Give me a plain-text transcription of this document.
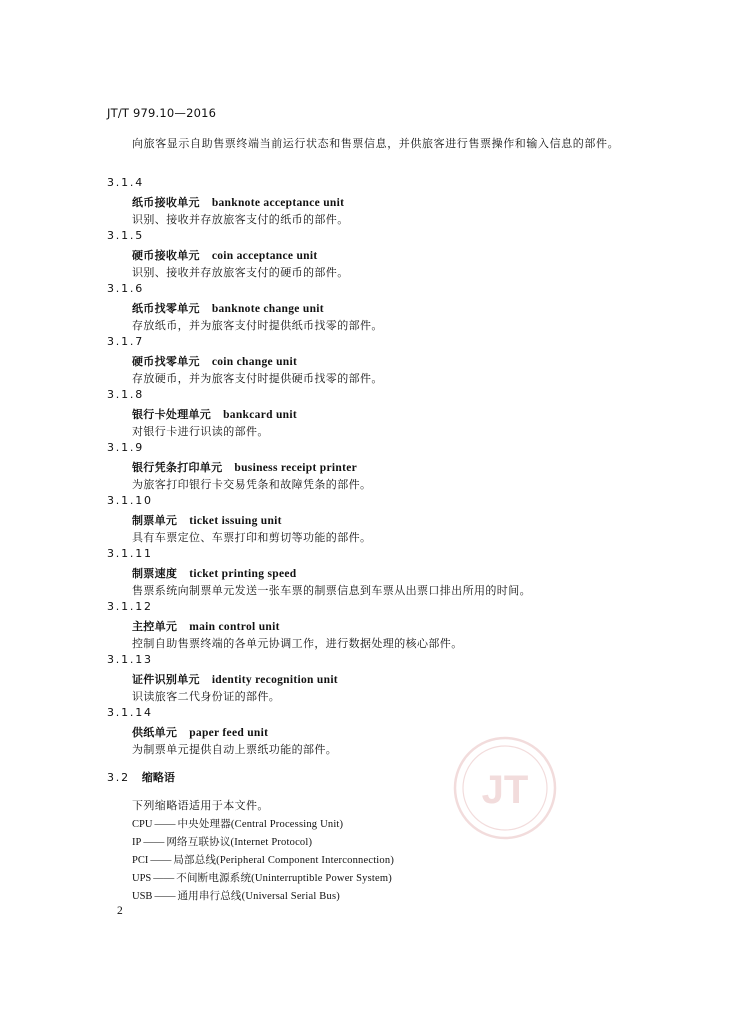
JT/T 979.10—2016

向旅客显示自助售票终端当前运行状态和售票信息，并供旅客进行售票操作和输入信息的部件。

3.1.4
纸币接收单元 banknote acceptance unit
识别、接收并存放旅客支付的纸币的部件。
3.1.5
硬币接收单元 coin acceptance unit
识别、接收并存放旅客支付的硬币的部件。
3.1.6
纸币找零单元 banknote change unit
存放纸币，并为旅客支付时提供纸币找零的部件。
3.1.7
硬币找零单元 coin change unit
存放硬币，并为旅客支付时提供硬币找零的部件。
3.1.8
银行卡处理单元 bankcard unit
对银行卡进行识读的部件。
3.1.9
银行凭条打印单元 business receipt printer
为旅客打印银行卡交易凭条和故障凭条的部件。
3.1.10
制票单元 ticket issuing unit
具有车票定位、车票打印和剪切等功能的部件。
3.1.11
制票速度 ticket printing speed
售票系统向制票单元发送一张车票的制票信息到车票从出票口排出所用的时间。
3.1.12
主控单元 main control unit
控制自助售票终端的各单元协调工作，进行数据处理的核心部件。
3.1.13
证件识别单元 identity recognition unit
识读旅客二代身份证的部件。
3.1.14
供纸单元 paper feed unit
为制票单元提供自动上票纸功能的部件。
JT
3.2 缩略语
下列缩略语适用于本文件。
CPU —— 中央处理器(Central Processing Unit)
IP —— 网络互联协议(Internet Protocol)
PCI —— 局部总线(Peripheral Component Interconnection)
UPS —— 不间断电源系统(Uninterruptible Power System)
USB —— 通用串行总线(Universal Serial Bus)
2
